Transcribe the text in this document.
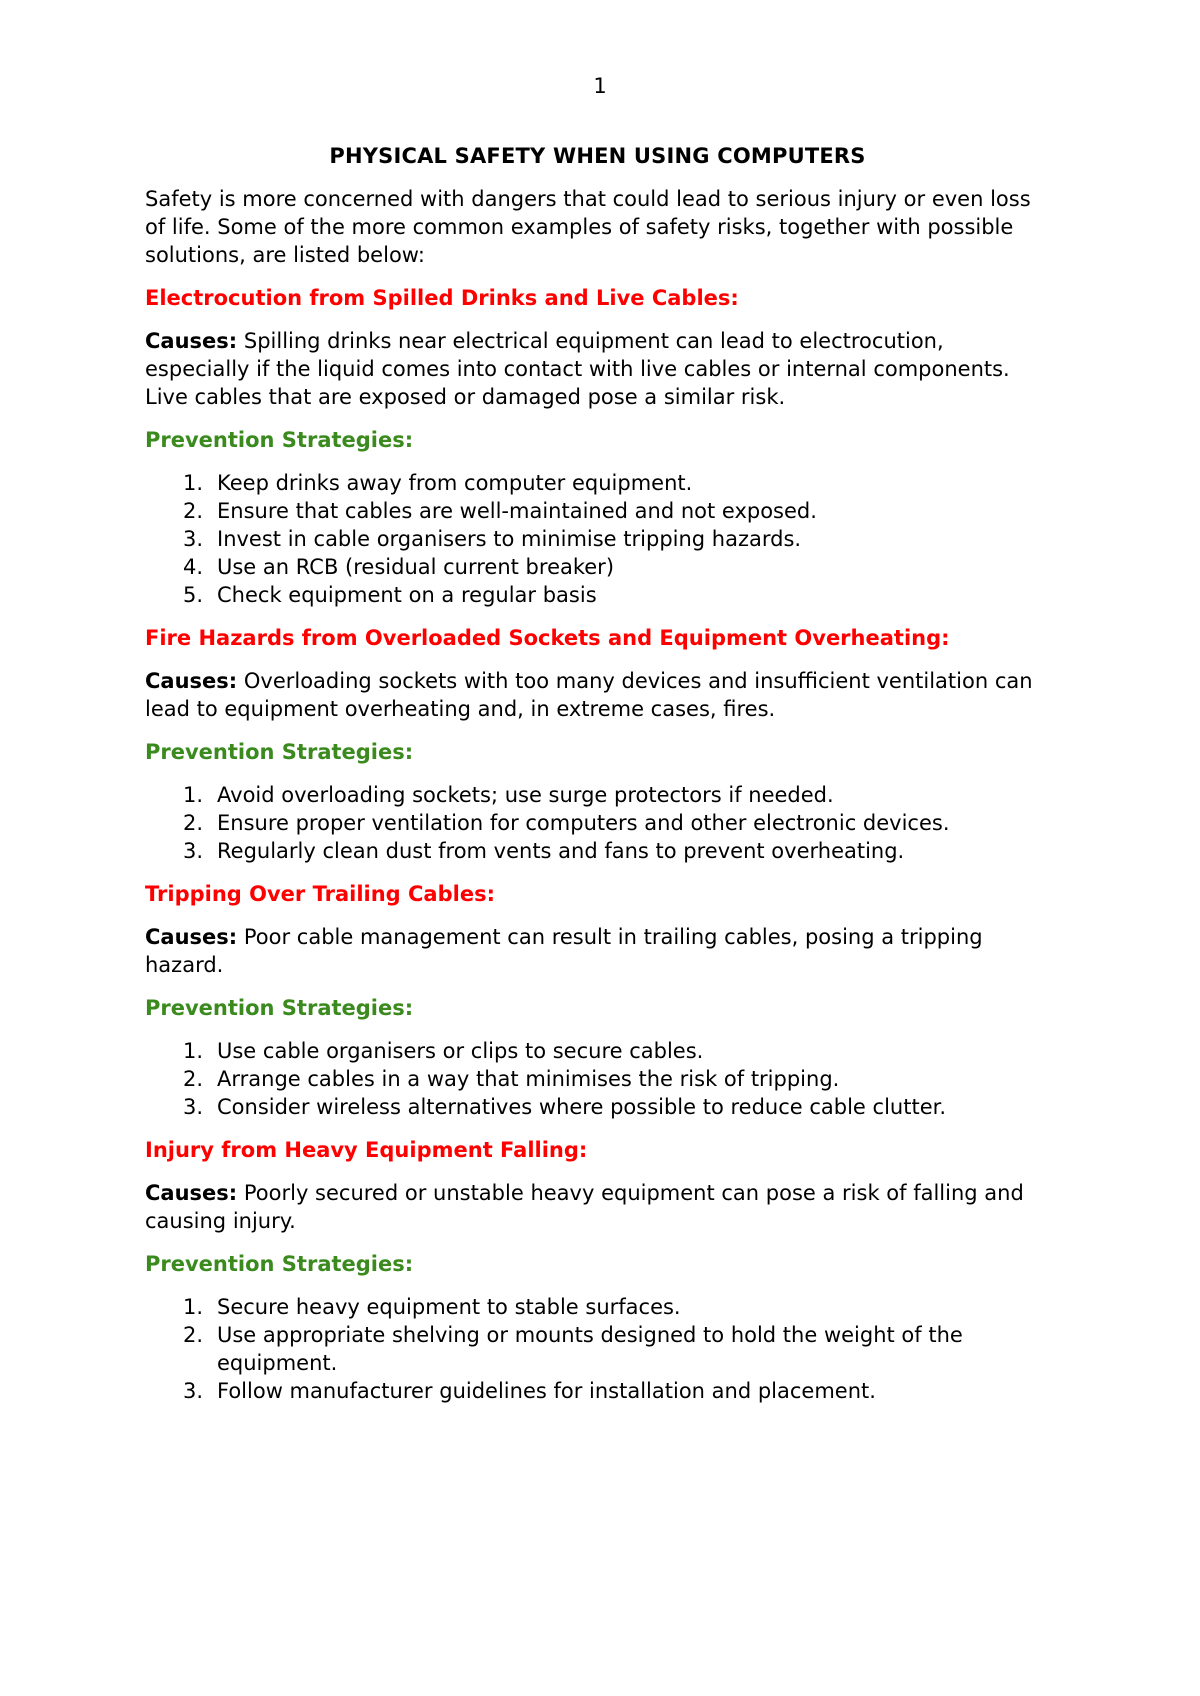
1
PHYSICAL SAFETY WHEN USING COMPUTERS

Safety is more concerned with dangers that could lead to serious injury or even loss of life. Some of the more common examples of safety risks, together with possible solutions, are listed below:

Electrocution from Spilled Drinks and Live Cables:

Causes: Spilling drinks near electrical equipment can lead to electrocution, especially if the liquid comes into contact with live cables or internal components. Live cables that are exposed or damaged pose a similar risk.

Prevention Strategies:
1. Keep drinks away from computer equipment.
2. Ensure that cables are well-maintained and not exposed.
3. Invest in cable organisers to minimise tripping hazards.
4. Use an RCB (residual current breaker)
5. Check equipment on a regular basis
Fire Hazards from Overloaded Sockets and Equipment Overheating:

Causes: Overloading sockets with too many devices and insufficient ventilation can lead to equipment overheating and, in extreme cases, fires.

Prevention Strategies:
1. Avoid overloading sockets; use surge protectors if needed.
2. Ensure proper ventilation for computers and other electronic devices.
3. Regularly clean dust from vents and fans to prevent overheating.
Tripping Over Trailing Cables:

Causes: Poor cable management can result in trailing cables, posing a tripping hazard.

Prevention Strategies:
1. Use cable organisers or clips to secure cables.
2. Arrange cables in a way that minimises the risk of tripping.
3. Consider wireless alternatives where possible to reduce cable clutter.
Injury from Heavy Equipment Falling:

Causes: Poorly secured or unstable heavy equipment can pose a risk of falling and causing injury.

Prevention Strategies:
1. Secure heavy equipment to stable surfaces.
2. Use appropriate shelving or mounts designed to hold the weight of the equipment.
3. Follow manufacturer guidelines for installation and placement.
